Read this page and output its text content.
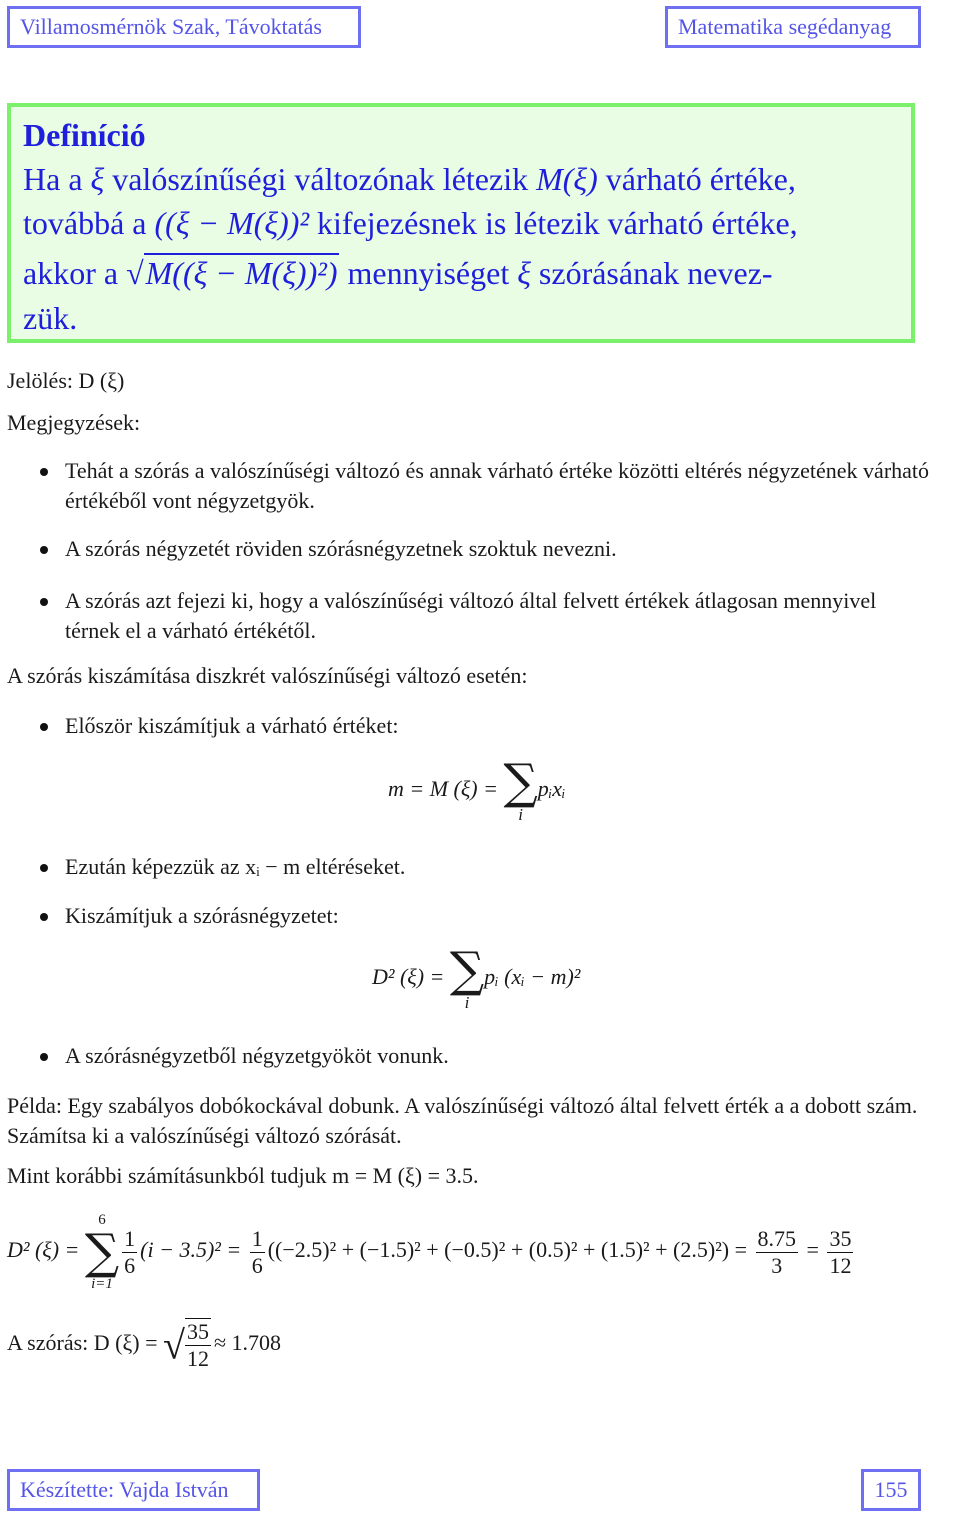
Villamosmérnök Szak, Távoktatás	Matematika segédanyag
Definíció
Ha a ξ valószínűségi változónak létezik M(ξ) várható értéke,
továbbá a ((ξ − M(ξ))² kifejezésnek is létezik várható értéke,
akkor a √M((ξ − M(ξ))²) mennyiséget ξ szórásának nevez-
zük.
Jelölés: D (ξ)
Megjegyzések:
Tehát a szórás a valószínűségi változó és annak várható értéke közötti eltérés négyzetének várható értékéből vont négyzetgyök.
A szórás négyzetét röviden szórásnégyzetnek szoktuk nevezni.
A szórás azt fejezi ki, hogy a valószínűségi változó által felvett értékek átlagosan mennyivel térnek el a várható értékétől.
A szórás kiszámítása diszkrét valószínűségi változó esetén:
Először kiszámítjuk a várható értéket:
m = M (ξ) = ∑
i
pᵢxᵢ
Ezután képezzük az xᵢ − m eltéréseket.
Kiszámítjuk a szórásnégyzetet:
D² (ξ) = ∑
i
pᵢ (xᵢ − m)²
A szórásnégyzetből négyzetgyököt vonunk.
Példa: Egy szabályos dobókockával dobunk. A valószínűségi változó által felvett érték a a dobott szám. Számítsa ki a valószínűségi változó szórását.
Mint korábbi számításunkból tudjuk m = M (ξ) = 3.5.
D² (ξ) =
6
∑
i=1
$\frac{1}{6} (i - 3.5)^2 = \frac{1}{6} ((-2.5)^2 + (-1.5)^2 + (-0.5)^2 + (0.5)^2 + (1.5)^2 + (2.5)^2) = \frac{8.75}{3} = \frac{35}{12}$
A szórás: D (ξ) = √ $\frac{35}{12} \approx 1.708$
Készítette: Vajda István	155
